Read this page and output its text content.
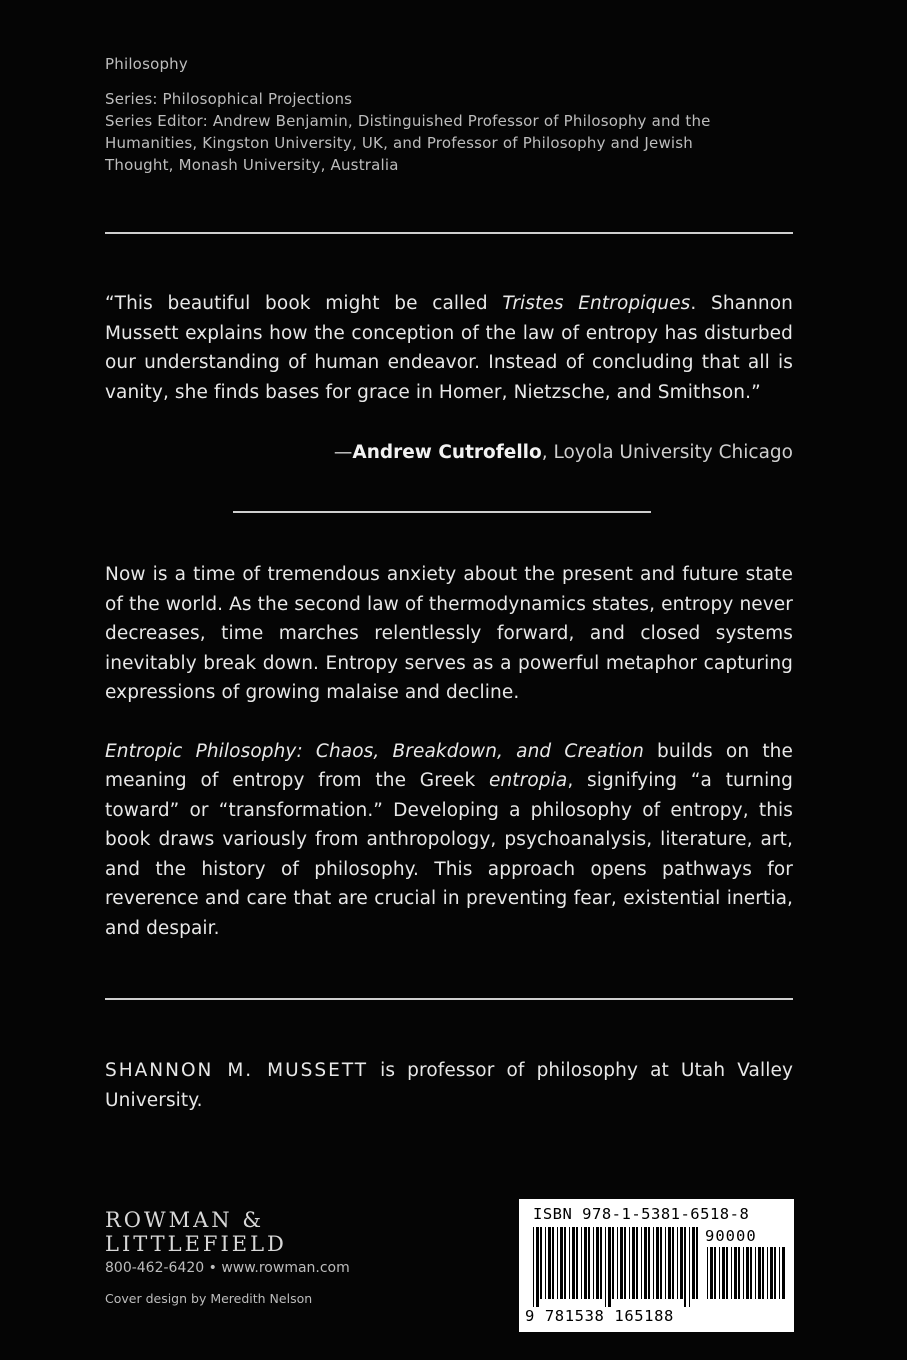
Philosophy
Series: Philosophical Projections
Series Editor: Andrew Benjamin, Distinguished Professor of Philosophy and the
Humanities, Kingston University, UK, and Professor of Philosophy and Jewish
Thought, Monash University, Australia
“This beautiful book might be called Tristes Entropiques. Shannon Mussett explains how the conception of the law of entropy has disturbed our understanding of human endeavor. Instead of concluding that all is vanity, she finds bases for grace in Homer, Nietzsche, and Smithson.”
—Andrew Cutrofello, Loyola University Chicago

Now is a time of tremendous anxiety about the present and future state of the world. As the second law of thermodynamics states, entropy never decreases, time marches relentlessly forward, and closed systems inevitably break down. Entropy serves as a powerful metaphor capturing expressions of growing malaise and decline.

Entropic Philosophy: Chaos, Breakdown, and Creation builds on the meaning of entropy from the Greek entropia, signifying “a turning toward” or “transformation.” Developing a philosophy of entropy, this book draws variously from anthropology, psychoanalysis, literature, art, and the history of philosophy. This approach opens pathways for reverence and care that are crucial in preventing fear, existential inertia, and despair.

SHANNON M. MUSSETT is professor of philosophy at Utah Valley University.
ROWMAN &
LITTLEFIELD
800-462-6420 • www.rowman.com
Cover design by Meredith Nelson
ISBN 978-1-5381-6518-8
90000
9 781538 165188
